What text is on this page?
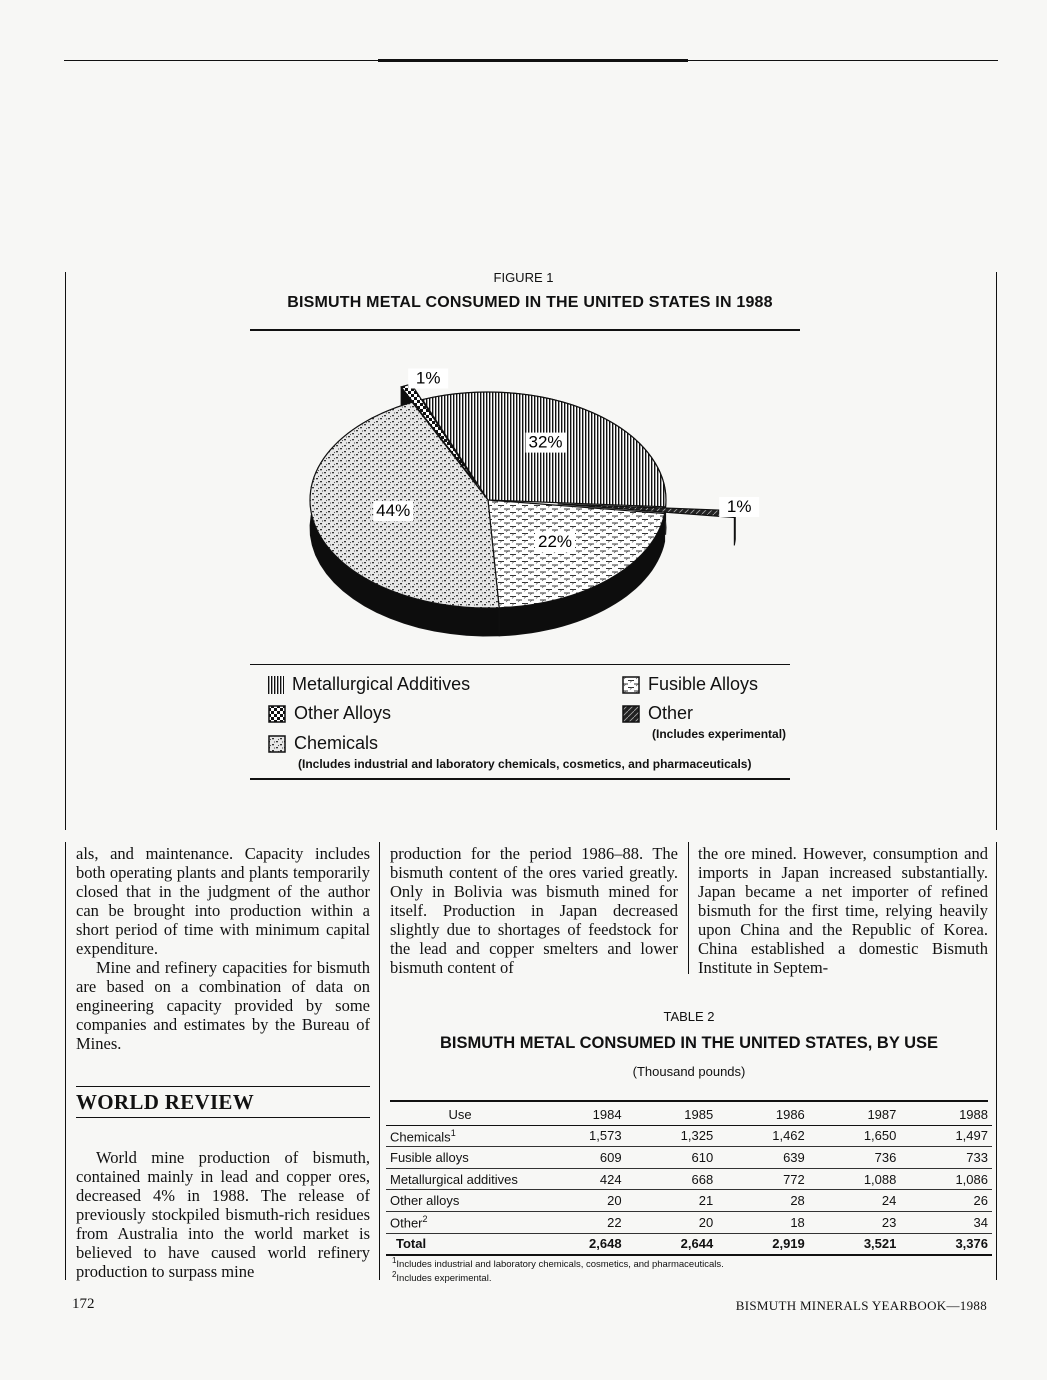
FIGURE 1
BISMUTH METAL CONSUMED IN THE UNITED STATES IN 1988
32%
1%
22%
44%
1%
Metallurgical Additives	Fusible Alloys
Other Alloys	Other
(Includes experimental)
Chemicals
(Includes industrial and laboratory chemicals, cosmetics, and pharmaceuticals)

als, and maintenance. Capacity includes both operating plants and plants temporarily closed that in the judgment of the author can be brought into production within a short period of time with minimum capital expenditure.

Mine and refinery capacities for bismuth are based on a combination of data on engineering capacity provided by some companies and estimates by the Bureau of Mines.

WORLD REVIEW

World mine production of bismuth, contained mainly in lead and copper ores, decreased 4% in 1988. The release of previously stockpiled bismuth-rich residues from Australia into the world market is believed to have caused world refinery production to surpass mine

production for the period 1986–88. The bismuth content of the ores varied greatly. Only in Bolivia was bismuth mined for itself. Production in Japan decreased slightly due to shortages of feedstock for the lead and copper smelters and lower bismuth content of

the ore mined. However, consumption and imports in Japan increased substantially. Japan became a net importer of refined bismuth for the first time, relying heavily upon China and the Republic of Korea. China established a domestic Bismuth Institute in Septem-

TABLE 2
BISMUTH METAL CONSUMED IN THE UNITED STATES, BY USE
(Thousand pounds)
Use	1984	1985	1986	1987	1988
Chemicals$^1$	1,573	1,325	1,462	1,650	1,497
Fusible alloys	609	610	639	736	733
Metallurgical additives	424	668	772	1,088	1,086
Other alloys	20	21	28	24	26
Other$^2$	22	20	18	23	34
Total	2,648	2,644	2,919	3,521	3,376
$^1$Includes industrial and laboratory chemicals, cosmetics, and pharmaceuticals.
$^2$Includes experimental.
172	BISMUTH MINERALS YEARBOOK—1988
